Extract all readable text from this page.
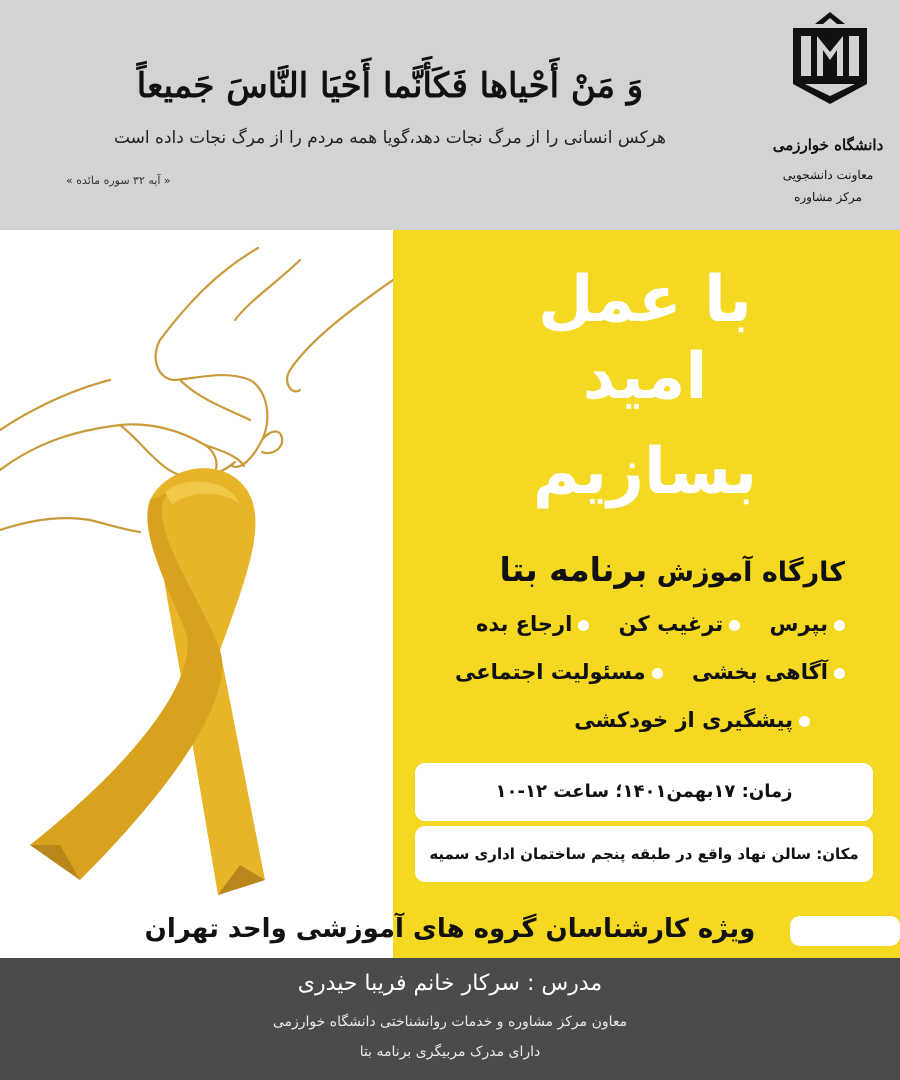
وَ مَنْ أَحْياها فَكَأَنَّما أَحْيَا النَّاسَ جَميعاً
هرکس انسانی را از مرگ نجات دهد،گویا همه مردم را از مرگ نجات داده است
« آیه ۳۲ سوره مائده »
دانشگاه خوارزمی
معاونت دانشجویی
مرکز مشاوره
با عمل
امید
بسازیم
کارگاه آموزش برنامه بتا
بپرس ترغیب کن ارجاع بده
آگاهی بخشی مسئولیت اجتماعی
پیشگیری از خودکشی
زمان: ۱۷بهمن۱۴۰۱؛ ساعت ۱۲-۱۰
مکان: سالن نهاد واقع در طبقه پنجم ساختمان اداری سمیه
ویژه کارشناسان گروه های آموزشی واحد تهران
مدرس : سرکار خانم فریبا حیدری
معاون مرکز مشاوره و خدمات روانشناختی دانشگاه خوارزمی
دارای مدرک مربیگری برنامه بتا
